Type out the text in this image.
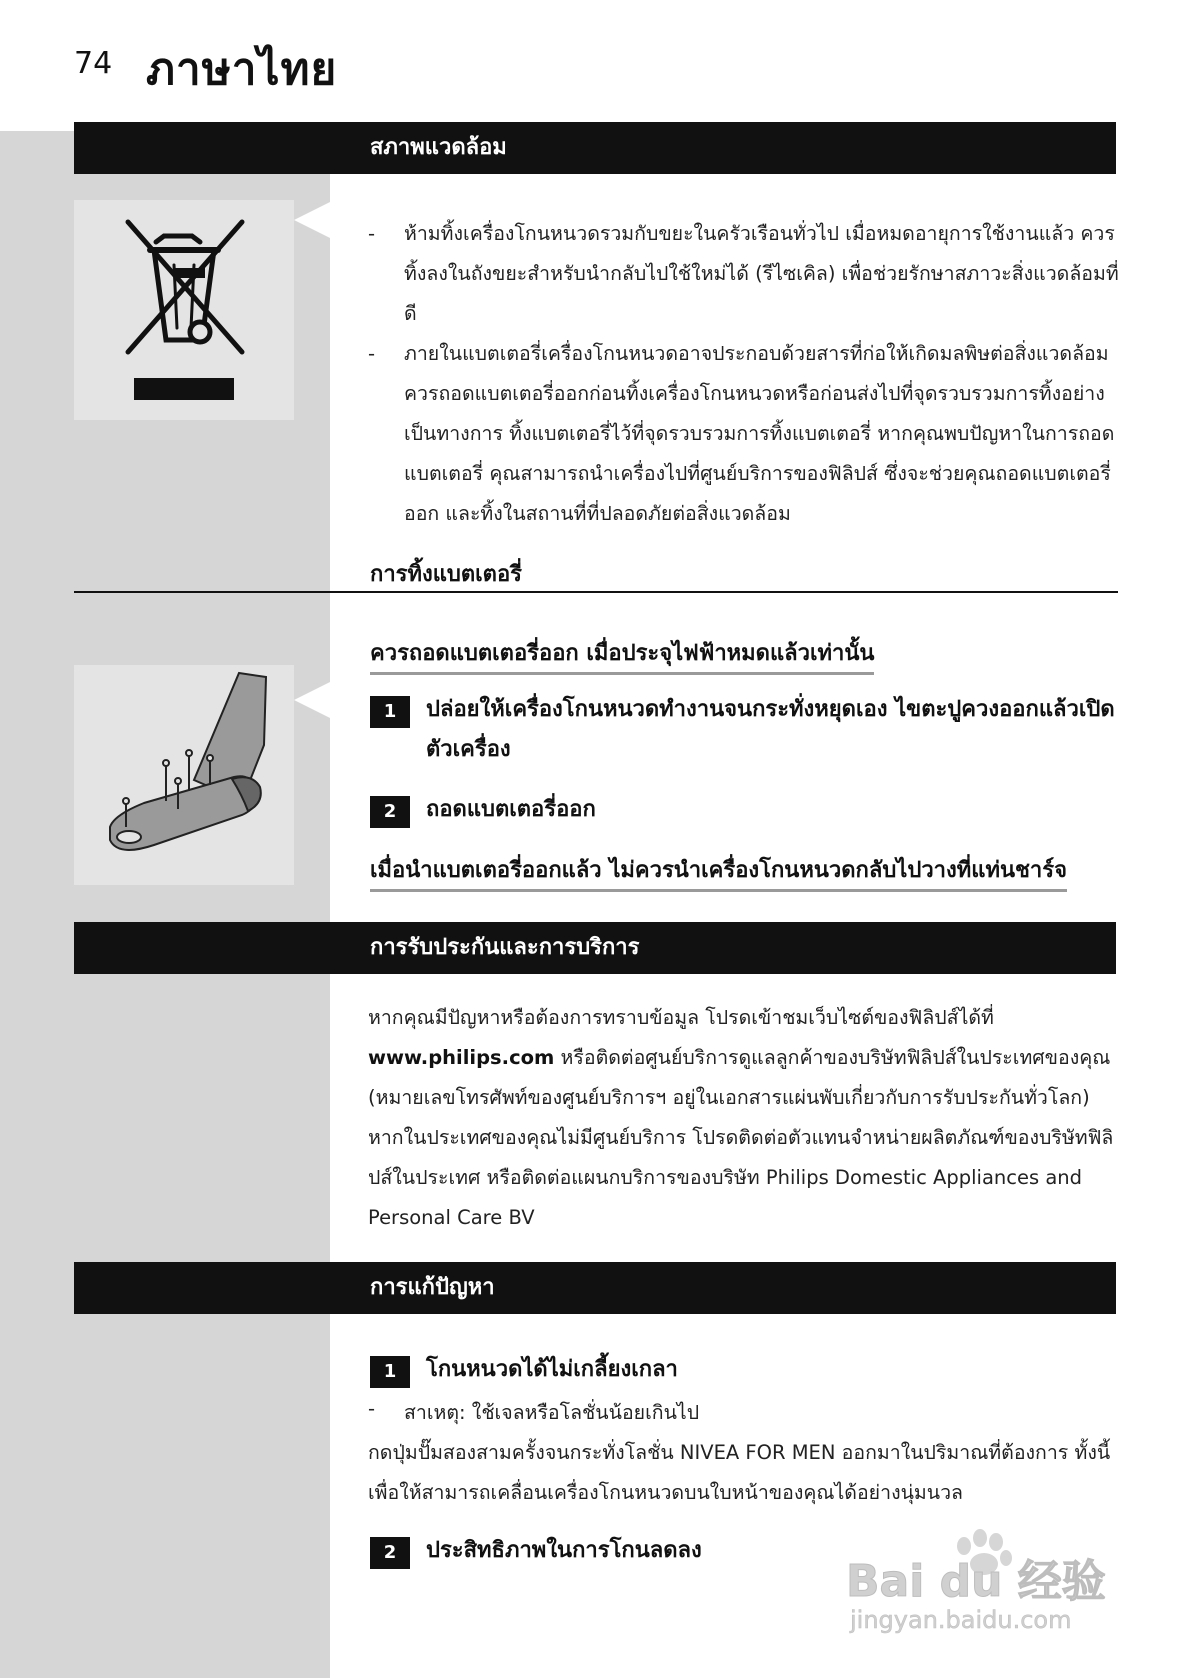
74 ภาษาไทย
สภาพแวดล้อม
- ห้ามทิ้งเครื่องโกนหนวดรวมกับขยะในครัวเรือนทั่วไป เมื่อหมดอายุการใช้งานแล้ว ควรทิ้งลงในถังขยะสำหรับนำกลับไปใช้ใหม่ได้ (รีไซเคิล) เพื่อช่วยรักษาสภาวะสิ่งแวดล้อมที่ดี
- ภายในแบตเตอรี่เครื่องโกนหนวดอาจประกอบด้วยสารที่ก่อให้เกิดมลพิษต่อสิ่งแวดล้อม ควรถอดแบตเตอรี่ออกก่อนทิ้งเครื่องโกนหนวดหรือก่อนส่งไปที่จุดรวบรวมการทิ้งอย่างเป็นทางการ ทิ้งแบตเตอรี่ไว้ที่จุดรวบรวมการทิ้งแบตเตอรี่ หากคุณพบปัญหาในการถอดแบตเตอรี่ คุณสามารถนำเครื่องไปที่ศูนย์บริการของฟิลิปส์ ซึ่งจะช่วยคุณถอดแบตเตอรี่ออก และทิ้งในสถานที่ที่ปลอดภัยต่อสิ่งแวดล้อม
การทิ้งแบตเตอรี่
ควรถอดแบตเตอรี่ออก เมื่อประจุไฟฟ้าหมดแล้วเท่านั้น
1	ปล่อยให้เครื่องโกนหนวดทำงานจนกระทั่งหยุดเอง ไขตะปูควงออกแล้วเปิดตัวเครื่อง
2	ถอดแบตเตอรี่ออก
เมื่อนำแบตเตอรี่ออกแล้ว ไม่ควรนำเครื่องโกนหนวดกลับไปวางที่แท่นชาร์จ
การรับประกันและการบริการ

หากคุณมีปัญหาหรือต้องการทราบข้อมูล โปรดเข้าชมเว็บไซต์ของฟิลิปส์ได้ที่ www.philips.com หรือติดต่อศูนย์บริการดูแลลูกค้าของบริษัทฟิลิปส์ในประเทศของคุณ (หมายเลขโทรศัพท์ของศูนย์บริการฯ อยู่ในเอกสารแผ่นพับเกี่ยวกับการรับประกันทั่วโลก) หากในประเทศของคุณไม่มีศูนย์บริการ โปรดติดต่อตัวแทนจำหน่ายผลิตภัณฑ์ของบริษัทฟิลิปส์ในประเทศ หรือติดต่อแผนกบริการของบริษัท Philips Domestic Appliances and Personal Care BV

การแก้ปัญหา
1	โกนหนวดได้ไม่เกลี้ยงเกลา
- สาเหตุ: ใช้เจลหรือโลชั่นน้อยเกินไป

กดปุ่มปั๊มสองสามครั้งจนกระทั่งโลชั่น NIVEA FOR MEN ออกมาในปริมาณที่ต้องการ ทั้งนี้เพื่อให้สามารถเคลื่อนเครื่องโกนหนวดบนใบหน้าของคุณได้อย่างนุ่มนวล

2	ประสิทธิภาพในการโกนลดลง
Bai du 经验
jingyan.baidu.com
